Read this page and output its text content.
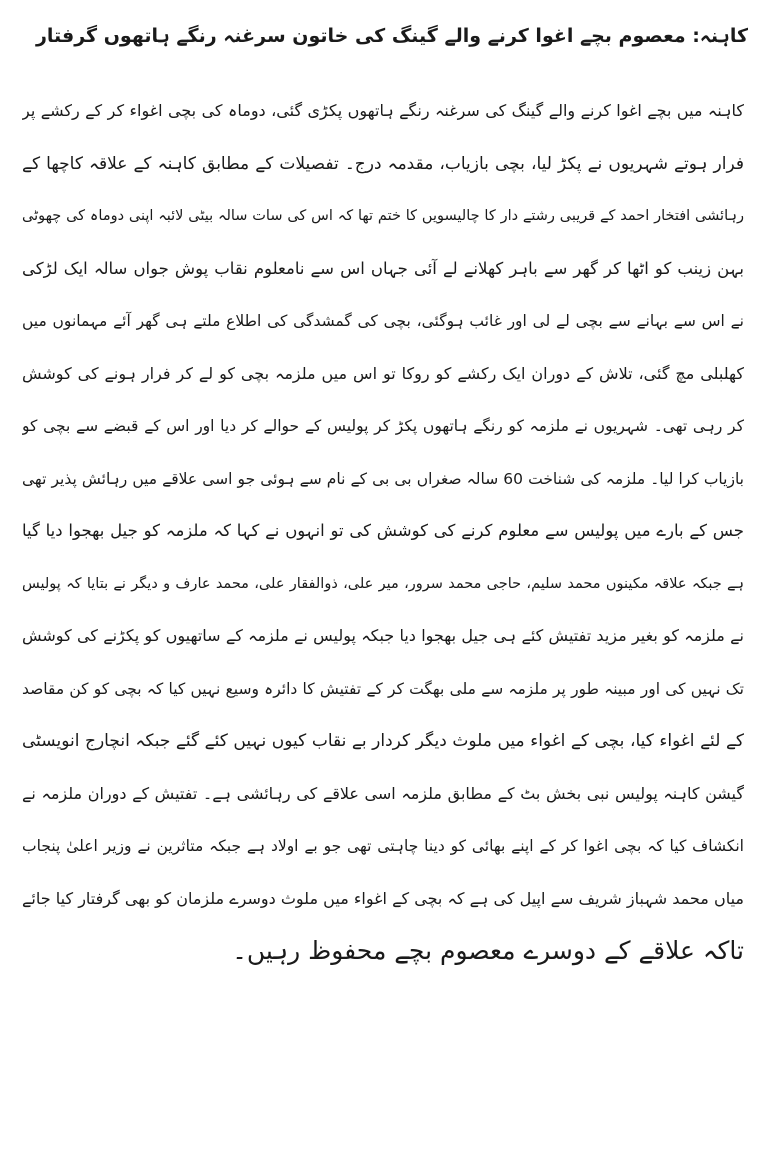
کاہنہ: معصوم بچے اغوا کرنے والے گینگ کی خاتون سرغنہ رنگے ہاتھوں گرفتار
کاہنہ میں بچے اغوا کرنے والے گینگ کی سرغنہ رنگے ہاتھوں پکڑی گئی، دوماہ کی بچی اغواء کر کے رکشے پر
فرار ہوتے شہریوں نے پکڑ لیا، بچی بازیاب، مقدمہ درج۔ تفصیلات کے مطابق کاہنہ کے علاقہ کاچھا کے
رہائشی افتخار احمد کے قریبی رشتے دار کا چالیسویں کا ختم تھا کہ اس کی سات سالہ بیٹی لائبہ اپنی دوماہ کی چھوٹی
بہن زینب کو اٹھا کر گھر سے باہر کھلانے لے آئی جہاں اس سے نامعلوم نقاب پوش جواں سالہ ایک لڑکی
نے اس سے بہانے سے بچی لے لی اور غائب ہوگئی، بچی کی گمشدگی کی اطلاع ملتے ہی گھر آئے مہمانوں میں
کھلبلی مچ گئی، تلاش کے دوران ایک رکشے کو روکا تو اس میں ملزمہ بچی کو لے کر فرار ہونے کی کوشش
کر رہی تھی۔ شہریوں نے ملزمہ کو رنگے ہاتھوں پکڑ کر پولیس کے حوالے کر دیا اور اس کے قبضے سے بچی کو
بازیاب کرا لیا۔ ملزمہ کی شناخت 60 سالہ صغراں بی بی کے نام سے ہوئی جو اسی علاقے میں رہائش پذیر تھی
جس کے بارے میں پولیس سے معلوم کرنے کی کوشش کی تو انہوں نے کہا کہ ملزمہ کو جیل بھجوا دیا گیا
ہے جبکہ علاقہ مکینوں محمد سلیم، حاجی محمد سرور، میر علی، ذوالفقار علی، محمد عارف و دیگر نے بتایا کہ پولیس
نے ملزمہ کو بغیر مزید تفتیش کئے ہی جیل بھجوا دیا جبکہ پولیس نے ملزمہ کے ساتھیوں کو پکڑنے کی کوشش
تک نہیں کی اور مبینہ طور پر ملزمہ سے ملی بھگت کر کے تفتیش کا دائرہ وسیع نہیں کیا کہ بچی کو کن مقاصد
کے لئے اغواء کیا، بچی کے اغواء میں ملوث دیگر کردار بے نقاب کیوں نہیں کئے گئے جبکہ انچارج انویسٹی
گیشن کاہنہ پولیس نبی بخش بٹ کے مطابق ملزمہ اسی علاقے کی رہائشی ہے۔ تفتیش کے دوران ملزمہ نے
انکشاف کیا کہ بچی اغوا کر کے اپنے بھائی کو دینا چاہتی تھی جو بے اولاد ہے جبکہ متاثرین نے وزیر اعلیٰ پنجاب
میاں محمد شہباز شریف سے اپیل کی ہے کہ بچی کے اغواء میں ملوث دوسرے ملزمان کو بھی گرفتار کیا جائے
تاکہ علاقے کے دوسرے معصوم بچے محفوظ رہیں۔
